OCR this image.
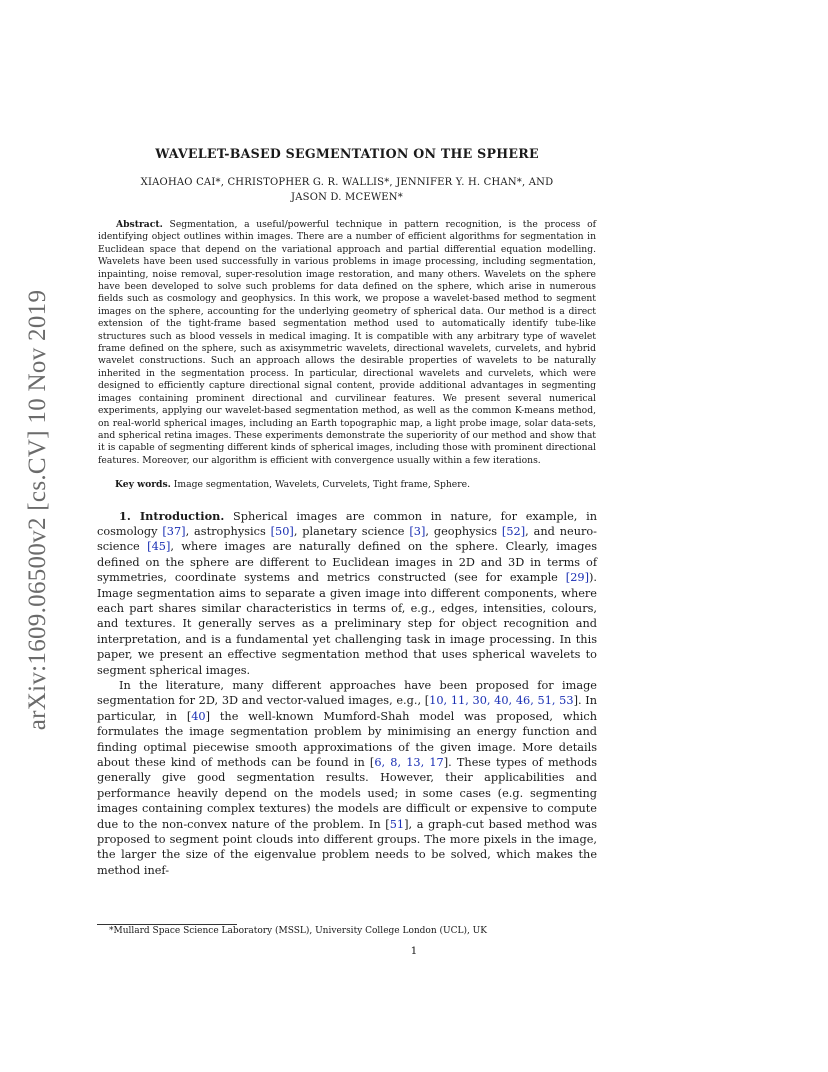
arXiv:1609.06500v2 [cs.CV] 10 Nov 2019
WAVELET-BASED SEGMENTATION ON THE SPHERE
XIAOHAO CAI*, CHRISTOPHER G. R. WALLIS*, JENNIFER Y. H. CHAN*, AND JASON D. MCEWEN*
Abstract. Segmentation, a useful/powerful technique in pattern recognition, is the process of identifying object outlines within images. There are a number of efficient algorithms for segmentation in Euclidean space that depend on the variational approach and partial differential equation modelling. Wavelets have been used successfully in various problems in image processing, including segmentation, inpainting, noise removal, super-resolution image restoration, and many others. Wavelets on the sphere have been developed to solve such problems for data defined on the sphere, which arise in numerous fields such as cosmology and geophysics. In this work, we propose a wavelet-based method to segment images on the sphere, accounting for the underlying geometry of spherical data. Our method is a direct extension of the tight-frame based segmentation method used to automatically identify tube-like structures such as blood vessels in medical imaging. It is compatible with any arbitrary type of wavelet frame defined on the sphere, such as axisymmetric wavelets, directional wavelets, curvelets, and hybrid wavelet constructions. Such an approach allows the desirable properties of wavelets to be naturally inherited in the segmentation process. In particular, directional wavelets and curvelets, which were designed to efficiently capture directional signal content, provide additional advantages in segmenting images containing prominent directional and curvilinear features. We present several numerical experiments, applying our wavelet-based segmentation method, as well as the common K-means method, on real-world spherical images, including an Earth topographic map, a light probe image, solar data-sets, and spherical retina images. These experiments demonstrate the superiority of our method and show that it is capable of segmenting different kinds of spherical images, including those with prominent directional features. Moreover, our algorithm is efficient with convergence usually within a few iterations.
Key words. Image segmentation, Wavelets, Curvelets, Tight frame, Sphere.

1. Introduction. Spherical images are common in nature, for example, in cosmology [37], astrophysics [50], planetary science [3], geophysics [52], and neuro-science [45], where images are naturally defined on the sphere. Clearly, images defined on the sphere are different to Euclidean images in 2D and 3D in terms of symmetries, coordinate systems and metrics constructed (see for example [29]). Image segmentation aims to separate a given image into different components, where each part shares similar characteristics in terms of, e.g., edges, intensities, colours, and textures. It generally serves as a preliminary step for object recognition and interpretation, and is a fundamental yet challenging task in image processing. In this paper, we present an effective segmentation method that uses spherical wavelets to segment spherical images.

In the literature, many different approaches have been proposed for image segmentation for 2D, 3D and vector-valued images, e.g., [10, 11, 30, 40, 46, 51, 53]. In particular, in [40] the well-known Mumford-Shah model was proposed, which formulates the image segmentation problem by minimising an energy function and finding optimal piecewise smooth approximations of the given image. More details about these kind of methods can be found in [6, 8, 13, 17]. These types of methods generally give good segmentation results. However, their applicabilities and performance heavily depend on the models used; in some cases (e.g. segmenting images containing complex textures) the models are difficult or expensive to compute due to the non-convex nature of the problem. In [51], a graph-cut based method was proposed to segment point clouds into different groups. The more pixels in the image, the larger the size of the eigenvalue problem needs to be solved, which makes the method inef-

*Mullard Space Science Laboratory (MSSL), University College London (UCL), UK
1
